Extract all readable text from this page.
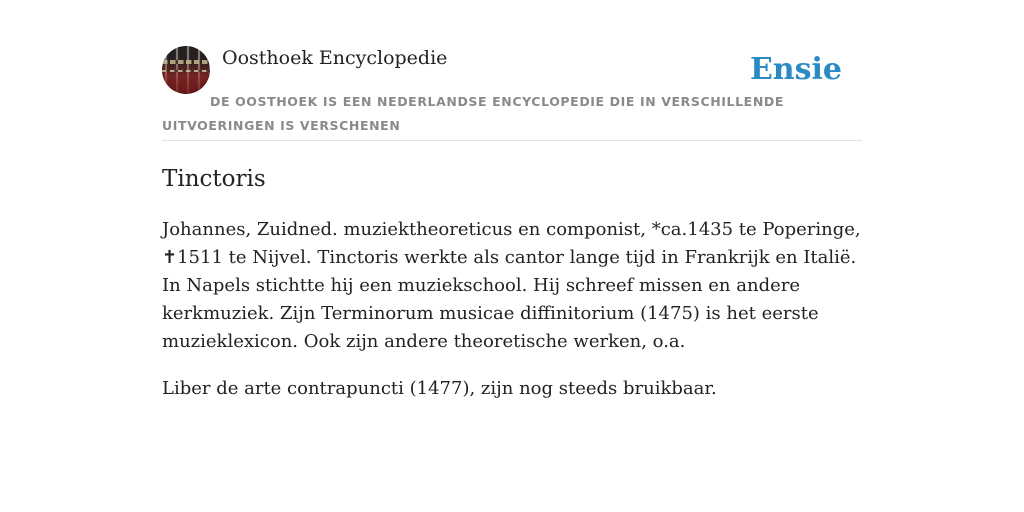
Oosthoek Encyclopedie	Ensie
DE OOSTHOEK IS EEN NEDERLANDSE ENCYCLOPEDIE DIE IN VERSCHILLENDE UITVOERINGEN IS VERSCHENEN
Tinctoris

Johannes, Zuidned. muziektheoreticus en componist, *ca.1435 te Poperinge, ✝1511 te Nijvel. Tinctoris werkte als cantor lange tijd in Frankrijk en Italië. In Napels stichtte hij een muziekschool. Hij schreef missen en andere kerkmuziek. Zijn Terminorum musicae diffinitorium (1475) is het eerste muzieklexicon. Ook zijn andere theoretische werken, o.a.

Liber de arte contrapuncti (1477), zijn nog steeds bruikbaar.
